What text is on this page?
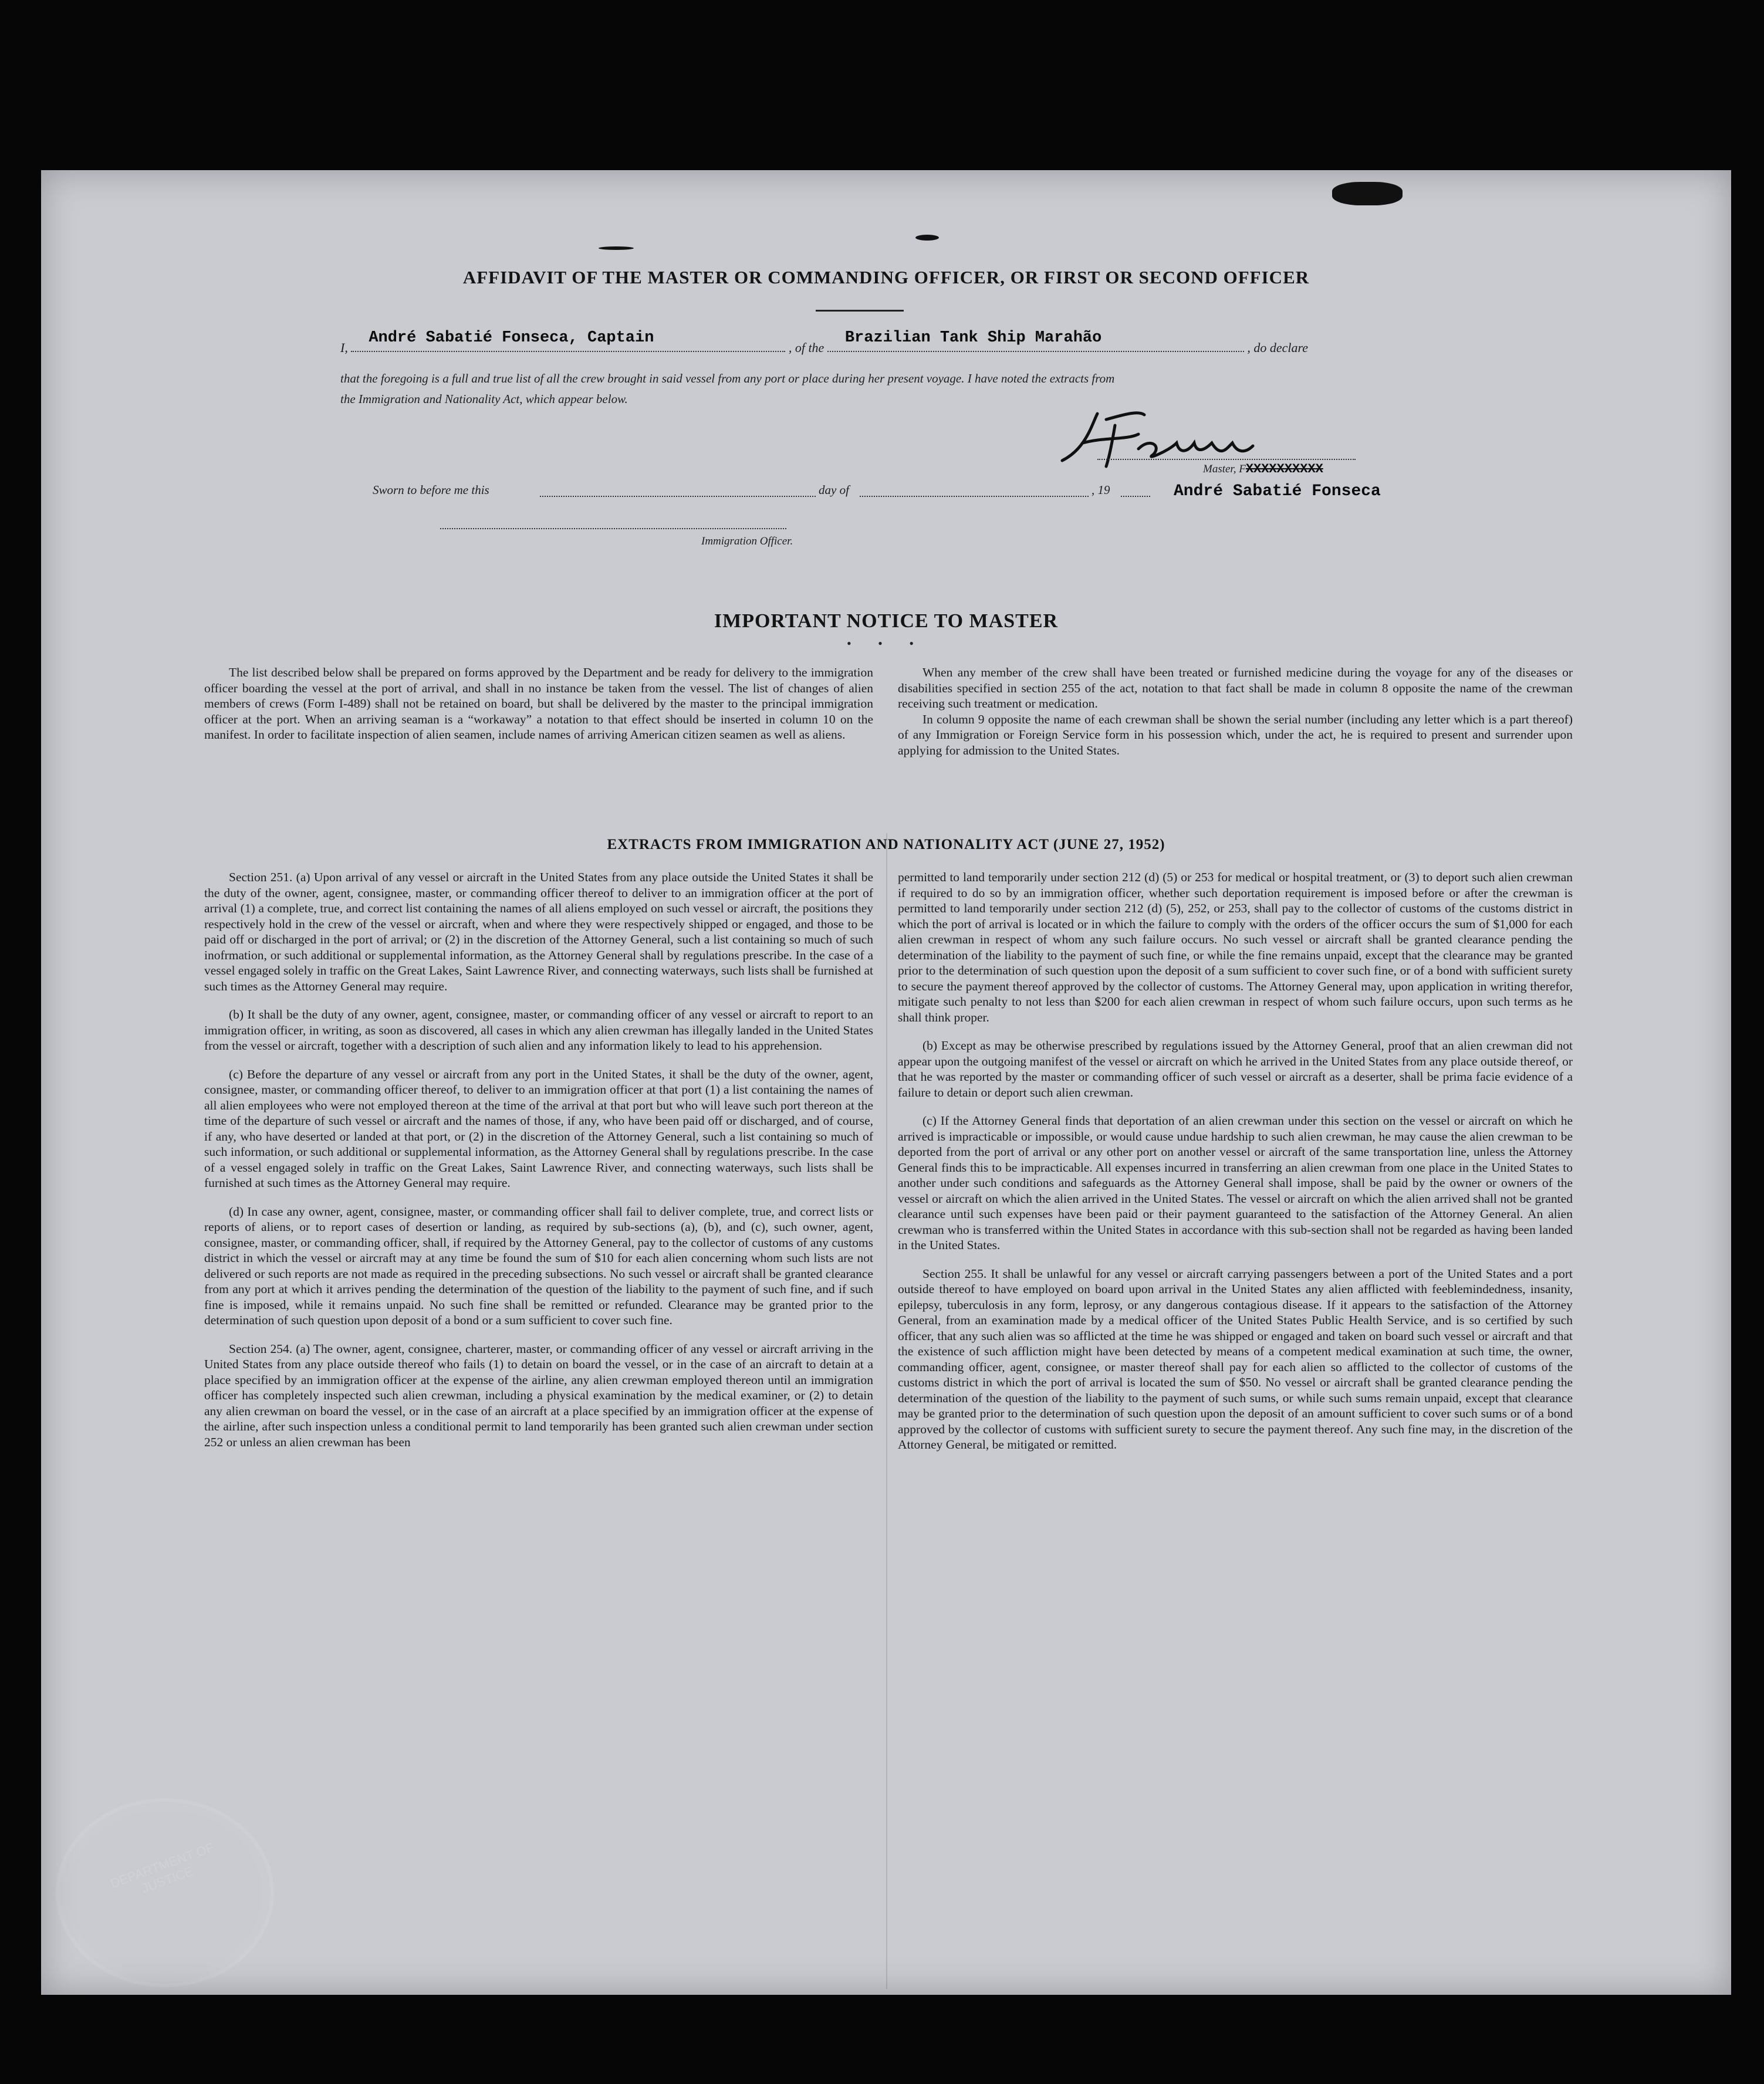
AFFIDAVIT OF THE MASTER OR COMMANDING OFFICER, OR FIRST OR SECOND OFFICER
I,
André Sabatié Fonseca, Captain
, of the
Brazilian Tank Ship Marahão
, do declare
that the foregoing is a full and true list of all the crew brought in said vessel from any port or place during her present voyage. I have noted the extracts from
the Immigration and Nationality Act, which appear below.
Master, FXXXXXXXXXX
André Sabatié Fonseca
Sworn to before me this	day of	, 19
Immigration Officer.
IMPORTANT NOTICE TO MASTER
• • •

The list described below shall be prepared on forms approved by the Department and be ready for delivery to the immigration officer boarding the vessel at the port of arrival, and shall in no instance be taken from the vessel. The list of changes of alien members of crews (Form I-489) shall not be retained on board, but shall be delivered by the master to the principal immigration officer at the port. When an arriving seaman is a “workaway” a notation to that effect should be inserted in column 10 on the manifest. In order to facilitate inspection of alien seamen, include names of arriving American citizen seamen as well as aliens.

When any member of the crew shall have been treated or furnished medicine during the voyage for any of the diseases or disabilities specified in section 255 of the act, notation to that fact shall be made in column 8 opposite the name of the crewman receiving such treatment or medication.

In column 9 opposite the name of each crewman shall be shown the serial number (including any letter which is a part thereof) of any Immigration or Foreign Service form in his possession which, under the act, he is required to present and surrender upon applying for admission to the United States.

EXTRACTS FROM IMMIGRATION AND NATIONALITY ACT (JUNE 27, 1952)

Section 251. (a) Upon arrival of any vessel or aircraft in the United States from any place outside the United States it shall be the duty of the owner, agent, consignee, master, or commanding officer thereof to deliver to an immigration officer at the port of arrival (1) a complete, true, and correct list containing the names of all aliens employed on such vessel or aircraft, the positions they respectively hold in the crew of the vessel or aircraft, when and where they were respectively shipped or engaged, and those to be paid off or discharged in the port of arrival; or (2) in the discretion of the Attorney General, such a list containing so much of such inofrmation, or such additional or supplemental information, as the Attorney General shall by regulations prescribe. In the case of a vessel engaged solely in traffic on the Great Lakes, Saint Lawrence River, and connecting waterways, such lists shall be furnished at such times as the Attorney General may require.

(b) It shall be the duty of any owner, agent, consignee, master, or commanding officer of any vessel or aircraft to report to an immigration officer, in writing, as soon as discovered, all cases in which any alien crewman has illegally landed in the United States from the vessel or aircraft, together with a description of such alien and any information likely to lead to his apprehension.

(c) Before the departure of any vessel or aircraft from any port in the United States, it shall be the duty of the owner, agent, consignee, master, or commanding officer thereof, to deliver to an immigration officer at that port (1) a list containing the names of all alien employees who were not employed thereon at the time of the arrival at that port but who will leave such port thereon at the time of the departure of such vessel or aircraft and the names of those, if any, who have been paid off or discharged, and of course, if any, who have deserted or landed at that port, or (2) in the discretion of the Attorney General, such a list containing so much of such information, or such additional or supplemental information, as the Attorney General shall by regulations prescribe. In the case of a vessel engaged solely in traffic on the Great Lakes, Saint Lawrence River, and connecting waterways, such lists shall be furnished at such times as the Attorney General may require.

(d) In case any owner, agent, consignee, master, or commanding officer shall fail to deliver complete, true, and correct lists or reports of aliens, or to report cases of desertion or landing, as required by sub-sections (a), (b), and (c), such owner, agent, consignee, master, or commanding officer, shall, if required by the Attorney General, pay to the collector of customs of any customs district in which the vessel or aircraft may at any time be found the sum of $10 for each alien concerning whom such lists are not delivered or such reports are not made as required in the preceding subsections. No such vessel or aircraft shall be granted clearance from any port at which it arrives pending the determination of the question of the liability to the payment of such fine, and if such fine is imposed, while it remains unpaid. No such fine shall be remitted or refunded. Clearance may be granted prior to the determination of such question upon deposit of a bond or a sum sufficient to cover such fine.

Section 254. (a) The owner, agent, consignee, charterer, master, or commanding officer of any vessel or aircraft arriving in the United States from any place outside thereof who fails (1) to detain on board the vessel, or in the case of an aircraft to detain at a place specified by an immigration officer at the expense of the airline, any alien crewman employed thereon until an immigration officer has completely inspected such alien crewman, including a physical examination by the medical examiner, or (2) to detain any alien crewman on board the vessel, or in the case of an aircraft at a place specified by an immigration officer at the expense of the airline, after such inspection unless a conditional permit to land temporarily has been granted such alien crewman under section 252 or unless an alien crewman has been

permitted to land temporarily under section 212 (d) (5) or 253 for medical or hospital treatment, or (3) to deport such alien crewman if required to do so by an immigration officer, whether such deportation requirement is imposed before or after the crewman is permitted to land temporarily under section 212 (d) (5), 252, or 253, shall pay to the collector of customs of the customs district in which the port of arrival is located or in which the failure to comply with the orders of the officer occurs the sum of $1,000 for each alien crewman in respect of whom any such failure occurs. No such vessel or aircraft shall be granted clearance pending the determination of the liability to the payment of such fine, or while the fine remains unpaid, except that the clearance may be granted prior to the determination of such question upon the deposit of a sum sufficient to cover such fine, or of a bond with sufficient surety to secure the payment thereof approved by the collector of customs. The Attorney General may, upon application in writing therefor, mitigate such penalty to not less than $200 for each alien crewman in respect of whom such failure occurs, upon such terms as he shall think proper.

(b) Except as may be otherwise prescribed by regulations issued by the Attorney General, proof that an alien crewman did not appear upon the outgoing manifest of the vessel or aircraft on which he arrived in the United States from any place outside thereof, or that he was reported by the master or commanding officer of such vessel or aircraft as a deserter, shall be prima facie evidence of a failure to detain or deport such alien crewman.

(c) If the Attorney General finds that deportation of an alien crewman under this section on the vessel or aircraft on which he arrived is impracticable or impossible, or would cause undue hardship to such alien crewman, he may cause the alien crewman to be deported from the port of arrival or any other port on another vessel or aircraft of the same transportation line, unless the Attorney General finds this to be impracticable. All expenses incurred in transferring an alien crewman from one place in the United States to another under such conditions and safeguards as the Attorney General shall impose, shall be paid by the owner or owners of the vessel or aircraft on which the alien arrived in the United States. The vessel or aircraft on which the alien arrived shall not be granted clearance until such expenses have been paid or their payment guaranteed to the satisfaction of the Attorney General. An alien crewman who is transferred within the United States in accordance with this sub-section shall not be regarded as having been landed in the United States.

Section 255. It shall be unlawful for any vessel or aircraft carrying passengers between a port of the United States and a port outside thereof to have employed on board upon arrival in the United States any alien afflicted with feeblemindedness, insanity, epilepsy, tuberculosis in any form, leprosy, or any dangerous contagious disease. If it appears to the satisfaction of the Attorney General, from an examination made by a medical officer of the United States Public Health Service, and is so certified by such officer, that any such alien was so afflicted at the time he was shipped or engaged and taken on board such vessel or aircraft and that the existence of such affliction might have been detected by means of a competent medical examination at such time, the owner, commanding officer, agent, consignee, or master thereof shall pay for each alien so afflicted to the collector of customs of the customs district in which the port of arrival is located the sum of $50. No vessel or aircraft shall be granted clearance pending the determination of the question of the liability to the payment of such sums, or while such sums remain unpaid, except that clearance may be granted prior to the determination of such question upon the deposit of an amount sufficient to cover such sums or of a bond approved by the collector of customs with sufficient surety to secure the payment thereof. Any such fine may, in the discretion of the Attorney General, be mitigated or remitted.

DEPARTMENT OF JUSTICE
